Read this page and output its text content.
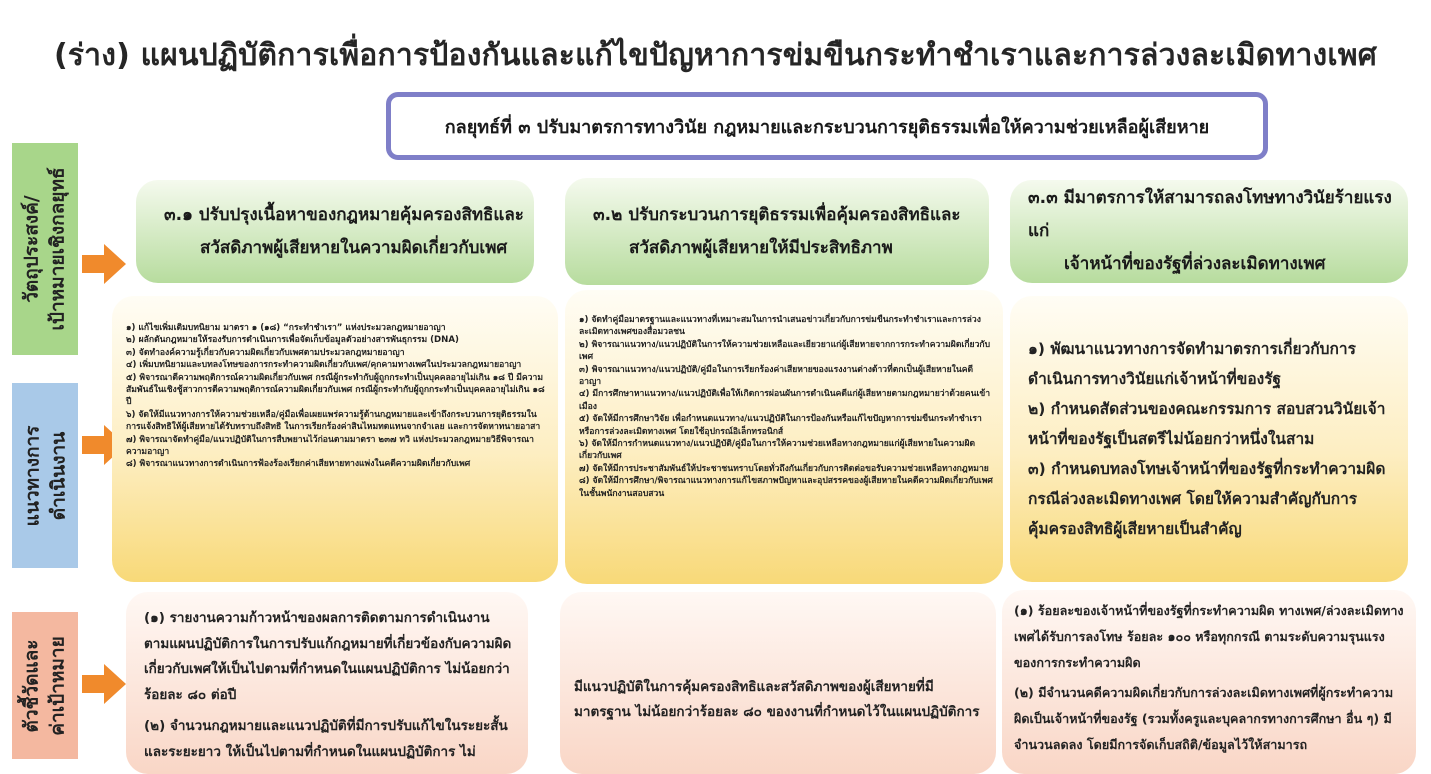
(ร่าง) แผนปฏิบัติการเพื่อการป้องกันและแก้ไขปัญหาการข่มขืนกระทำชำเราและการล่วงละเมิดทางเพศ
กลยุทธ์ที่ ๓ ปรับมาตรการทางวินัย กฎหมายและกระบวนการยุติธรรมเพื่อให้ความช่วยเหลือผู้เสียหาย
วัตถุประสงค์/
เป้าหมายเชิงกลยุทธ์
แนวทางการ
ดำเนินงาน
ตัวชี้วัดและ
ค่าเป้าหมาย
๓.๑ ปรับปรุงเนื้อหาของกฎหมายคุ้มครองสิทธิและ
สวัสดิภาพผู้เสียหายในความผิดเกี่ยวกับเพศ
๓.๒ ปรับกระบวนการยุติธรรมเพื่อคุ้มครองสิทธิและ
สวัสดิภาพผู้เสียหายให้มีประสิทธิภาพ
๓.๓ มีมาตรการให้สามารถลงโทษทางวินัยร้ายแรงแก่
เจ้าหน้าที่ของรัฐที่ล่วงละเมิดทางเพศ

๑) แก้ไขเพิ่มเติมบทนิยาม มาตรา ๑ (๑๘) “กระทำชำเรา” แห่งประมวลกฎหมายอาญา

๒) ผลักดันกฎหมายให้รองรับการดำเนินการเพื่อจัดเก็บข้อมูลตัวอย่างสารพันธุกรรม (DNA)

๓) จัดทำองค์ความรู้เกี่ยวกับความผิดเกี่ยวกับเพศตามประมวลกฎหมายอาญา

๔) เพิ่มบทนิยามและบทลงโทษของการกระทำความผิดเกี่ยวกับเพศ/คุกคามทางเพศในประมวลกฎหมายอาญา

๕) พิจารณาตีความพฤติการณ์ความผิดเกี่ยวกับเพศ กรณีผู้กระทำกับผู้ถูกกระทำเป็นบุคคลอายุไม่เกิน ๑๘ ปี มีความสัมพันธ์ในเชิงชู้สาวการตีความพฤติการณ์ความผิดเกี่ยวกับเพศ กรณีผู้กระทำกับผู้ถูกกระทำเป็นบุคคลอายุไม่เกิน ๑๘ ปี

๖) จัดให้มีแนวทางการให้ความช่วยเหลือ/คู่มือเพื่อเผยแพร่ความรู้ด้านกฎหมายและเข้าถึงกระบวนการยุติธรรมในการแจ้งสิทธิให้ผู้เสียหายได้รับทราบถึงสิทธิ ในการเรียกร้องค่าสินไหมทดแทนจากจำเลย และการจัดหาทนายอาสา

๗) พิจารณาจัดทำคู่มือ/แนวปฏิบัติในการสืบพยานไว้ก่อนตามมาตรา ๒๓๗ ทวิ แห่งประมวลกฎหมายวิธีพิจารณาความอาญา

๘) พิจารณาแนวทางการดำเนินการฟ้องร้องเรียกค่าเสียหายทางแพ่งในคดีความผิดเกี่ยวกับเพศ

๑) จัดทำคู่มือมาตรฐานและแนวทางที่เหมาะสมในการนำเสนอข่าวเกี่ยวกับการข่มขืนกระทำชำเราและการล่วงละเมิดทางเพศของสื่อมวลชน

๒) พิจารณาแนวทาง/แนวปฏิบัติในการให้ความช่วยเหลือและเยียวยาแก่ผู้เสียหายจากการกระทำความผิดเกี่ยวกับเพศ

๓) พิจารณาแนวทาง/แนวปฏิบัติ/คู่มือในการเรียกร้องค่าเสียหายของแรงงานต่างด้าวที่ตกเป็นผู้เสียหายในคดีอาญา

๔) มีการศึกษาหาแนวทาง/แนวปฏิบัติเพื่อให้เกิดการผ่อนผันการดำเนินคดีแก่ผู้เสียหายตามกฎหมายว่าด้วยคนเข้าเมือง

๕) จัดให้มีการศึกษาวิจัย เพื่อกำหนดแนวทาง/แนวปฏิบัติในการป้องกันหรือแก้ไขปัญหาการข่มขืนกระทำชำเราหรือการล่วงละเมิดทางเพศ โดยใช้อุปกรณ์อิเล็กทรอนิกส์

๖) จัดให้มีการกำหนดแนวทาง/แนวปฏิบัติ/คู่มือในการให้ความช่วยเหลือทางกฎหมายแก่ผู้เสียหายในความผิดเกี่ยวกับเพศ

๗) จัดให้มีการประชาสัมพันธ์ให้ประชาชนทราบโดยทั่วถึงกันเกี่ยวกับการติดต่อขอรับความช่วยเหลือทางกฎหมาย

๘) จัดให้มีการศึกษา/พิจารณาแนวทางการแก้ไขสภาพปัญหาและอุปสรรคของผู้เสียหายในคดีความผิดเกี่ยวกับเพศในชั้นพนักงานสอบสวน

๑) พัฒนาแนวทางการจัดทำมาตรการเกี่ยวกับการดำเนินการทางวินัยแก่เจ้าหน้าที่ของรัฐ

๒) กำหนดสัดส่วนของคณะกรรมการ สอบสวนวินัยเจ้าหน้าที่ของรัฐเป็นสตรีไม่น้อยกว่าหนึ่งในสาม

๓) กำหนดบทลงโทษเจ้าหน้าที่ของรัฐที่กระทำความผิดกรณีล่วงละเมิดทางเพศ โดยให้ความสำคัญกับการคุ้มครองสิทธิผู้เสียหายเป็นสำคัญ

(๑) รายงานความก้าวหน้าของผลการติดตามการดำเนินงานตามแผนปฏิบัติการในการปรับแก้กฎหมายที่เกี่ยวข้องกับความผิดเกี่ยวกับเพศให้เป็นไปตามที่กำหนดในแผนปฏิบัติการ ไม่น้อยกว่าร้อยละ ๘๐ ต่อปี

(๒) จำนวนกฎหมายและแนวปฏิบัติที่มีการปรับแก้ไขในระยะสั้นและระยะยาว ให้เป็นไปตามที่กำหนดในแผนปฏิบัติการ ไม่

มีแนวปฏิบัติในการคุ้มครองสิทธิและสวัสดิภาพของผู้เสียหายที่มีมาตรฐาน ไม่น้อยกว่าร้อยละ ๘๐ ของงานที่กำหนดไว้ในแผนปฏิบัติการ

(๑) ร้อยละของเจ้าหน้าที่ของรัฐที่กระทำความผิด ทางเพศ/ล่วงละเมิดทางเพศได้รับการลงโทษ ร้อยละ ๑๐๐ หรือทุกกรณี ตามระดับความรุนแรงของการกระทำความผิด

(๒) มีจำนวนคดีความผิดเกี่ยวกับการล่วงละเมิดทางเพศที่ผู้กระทำความผิดเป็นเจ้าหน้าที่ของรัฐ (รวมทั้งครูและบุคลากรทางการศึกษา อื่น ๆ) มีจำนวนลดลง โดยมีการจัดเก็บสถิติ/ข้อมูลไว้ให้สามารถ
